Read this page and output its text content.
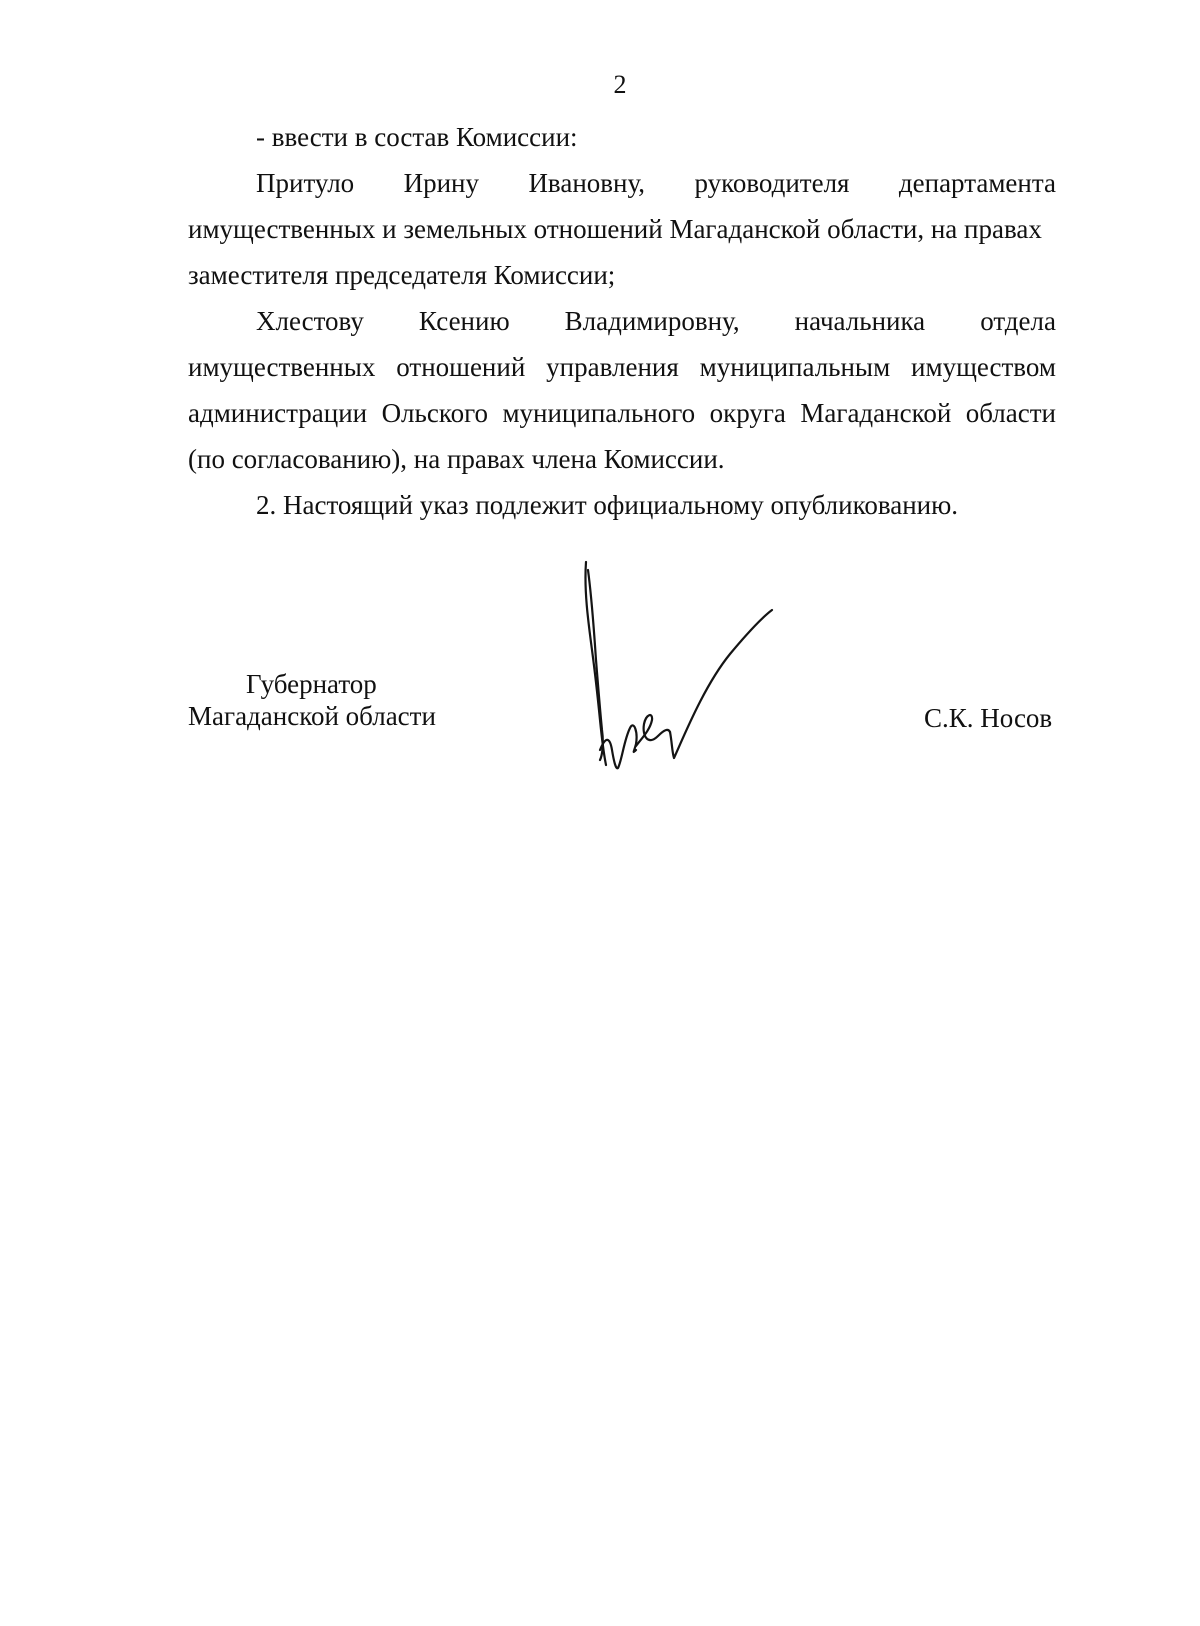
2
- ввести в состав Комиссии:
Притуло Ирину Ивановну, руководителя департамента
имущественных и земельных отношений Магаданской области, на правах
заместителя председателя Комиссии;
Хлестову Ксению Владимировну, начальника отдела
имущественных отношений управления муниципальным имуществом
администрации Ольского муниципального округа Магаданской области
(по согласованию), на правах члена Комиссии.
2. Настоящий указ подлежит официальному опубликованию.
Губернатор
Магаданской области	С.К. Носов
